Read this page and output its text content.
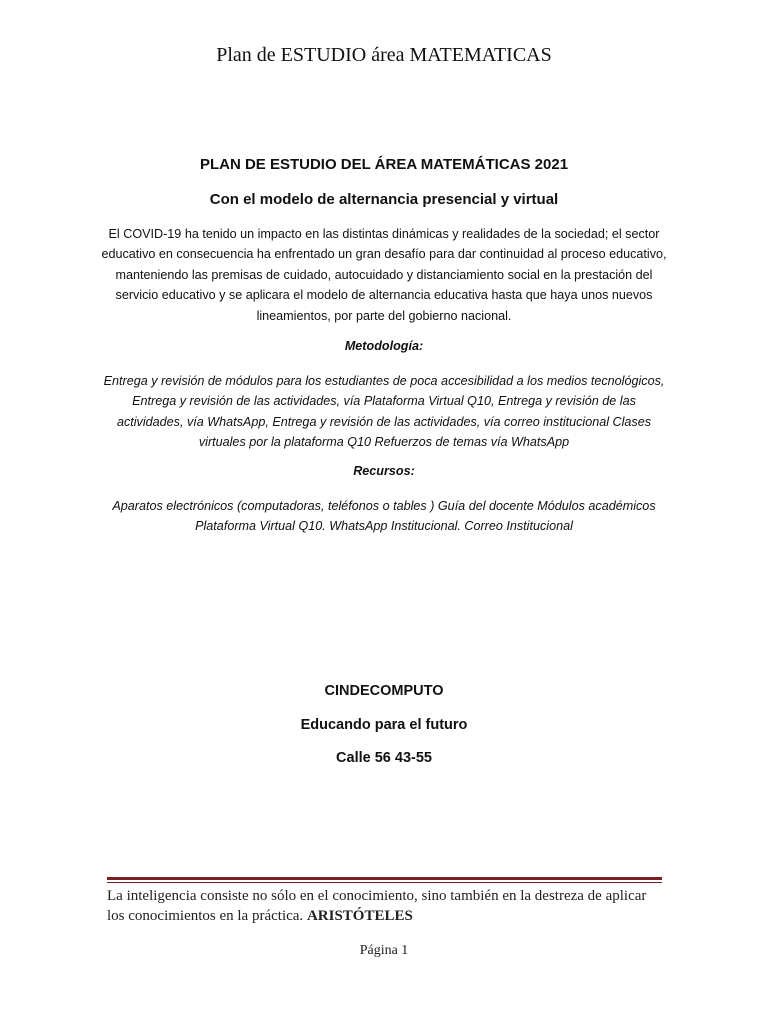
Plan de ESTUDIO área MATEMATICAS
PLAN DE ESTUDIO DEL ÁREA MATEMÁTICAS 2021
Con el modelo de alternancia presencial y virtual
El COVID-19 ha tenido un impacto en las distintas dinámicas y realidades de la sociedad; el sector educativo en consecuencia ha enfrentado un gran desafío para dar continuidad al proceso educativo, manteniendo las premisas de cuidado, autocuidado y distanciamiento social en la prestación del servicio educativo y se aplicara el modelo de alternancia educativa hasta que haya unos nuevos lineamientos, por parte del gobierno nacional.
Metodología:
Entrega y revisión de módulos para los estudiantes de poca accesibilidad a los medios tecnológicos, Entrega y revisión de las actividades, vía Plataforma Virtual Q10, Entrega y revisión de las actividades, vía WhatsApp, Entrega y revisión de las actividades, vía correo institucional Clases virtuales por la plataforma Q10 Refuerzos de temas vía WhatsApp
Recursos:
Aparatos electrónicos (computadoras, teléfonos o tables ) Guía del docente Módulos académicos Plataforma Virtual Q10. WhatsApp Institucional. Correo Institucional
CINDECOMPUTO
Educando para el futuro
Calle 56 43-55
La inteligencia consiste no sólo en el conocimiento, sino también en la destreza de aplicar los conocimientos en la práctica. ARISTÓTELES
Página 1
